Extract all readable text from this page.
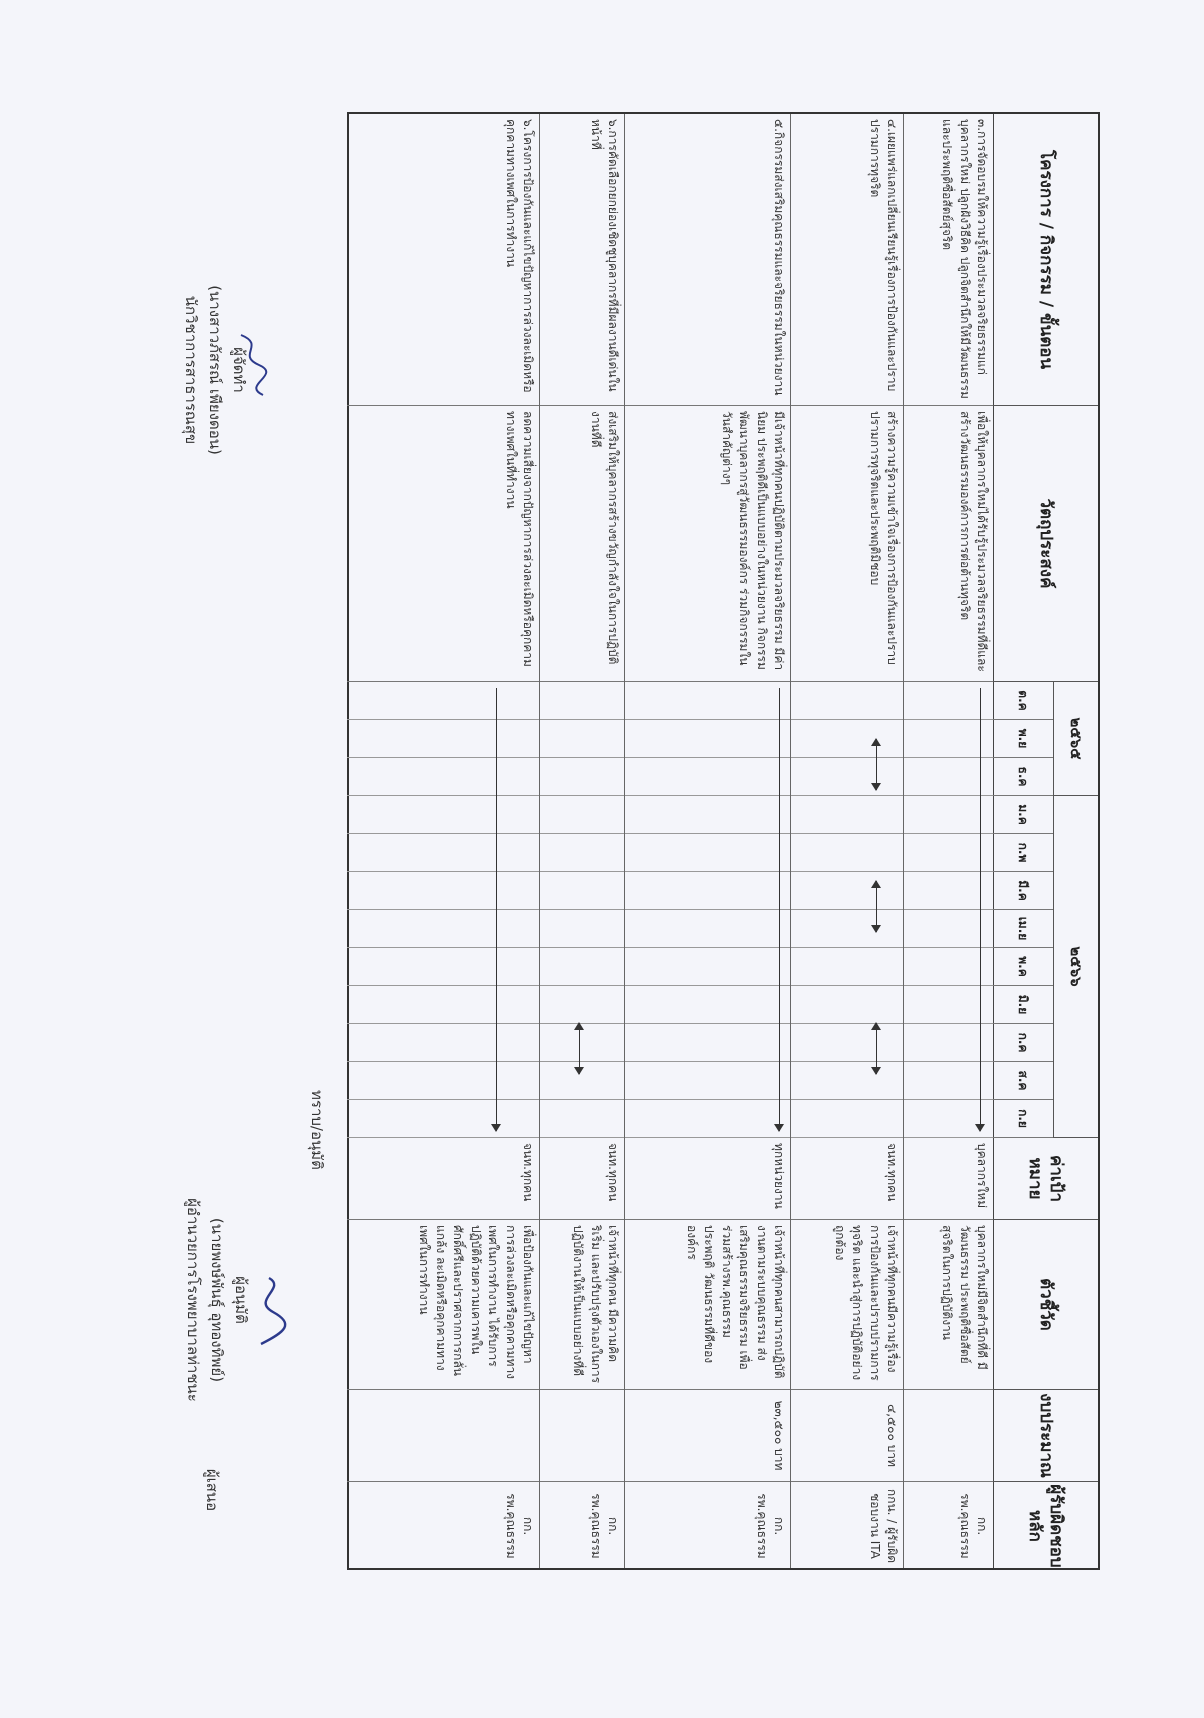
โครงการ / กิจกรรม / ขั้นตอน
วัตถุประสงค์
๒๕๖๕
๒๕๖๖
ต.ค
พ.ย
ธ.ค
ม.ค
ก.พ
มี.ค
เม.ย
พ.ค
มิ.ย
ก.ค
ส.ค
ก.ย
ค่าเป้าหมาย
ตัวชี้วัด
งบประมาณ
ผู้รับผิดชอบหลัก
๓.การจัดอบรมให้ความรู้เรื่องประมวลจริยธรรมแก่บุคลากรใหม่ ปลูกฝังวิธีคิด ปลูกจิตสำนึกให้มีวัฒนธรรมและประพฤติซื่อสัตย์สุจริต
เพื่อให้บุคลากรใหม่ได้รับรู้ประมวลจริยธรรมที่ดีและสร้างวัฒนธรรมองค์การการต่อต้านทุจริต
บุคลากรใหม่
บุคลากรใหม่มีจิตสำนึกที่ดี มีวัฒนธรรม ประพฤติซื่อสัตย์สุจริตในการปฏิบัติงาน
กก. รพ.คุณธรรม
๔.เผยแพร่แลกเปลี่ยนเรียนรู้เรื่องการป้องกันและปราบปรามการทุจริต
สร้างความรู้ความเข้าใจเรื่องการป้องกันและปราบปรามการทุจริตและประพฤติมิชอบ
จนท.ทุกคน
เจ้าหน้าที่ทุกคนมีความรู้เรื่องการป้องกันและปราบปรามการทุจริต และนำสู่การปฏิบัติอย่างถูกต้อง
๔,๕๐๐ บาท
กกน. / ผู้รับผิดชอบงาน ITA
๕.กิจกรรมส่งเสริมคุณธรรมและจริยธรรมในหน่วยงาน
มีเจ้าหน้าที่ทุกคนปฏิบัติตามประมวลจริยธรรม มีค่านิยม ประพฤติดีเป็นแบบอย่างในหน่วยงาน กิจกรรมพัฒนาบุคลากรสู่วัฒนธรรมองค์กร ร่วมกิจกรรมในวันสำคัญต่างๆ
ทุกหน่วยงาน
เจ้าหน้าที่ทุกคนสามารถปฏิบัติงานตามระบบคุณธรรม ส่งเสริมคุณธรรมจริยธรรม เพื่อร่วมสร้างรพ.คุณธรรม ประพฤติ วัฒนธรรมที่ดีขององค์กร
๒๓,๕๐๐ บาท
กก. รพ.คุณธรรม
๖.การคัดเลือกยกย่องเชิดชูบุคลากรที่มีผลงานดีเด่นในหน้าที่
ส่งเสริมให้บุคลากรสร้างขวัญกำลังใจในการปฏิบัติงานที่ดี
จนท.ทุกคน
เจ้าหน้าที่ทุกคน มีความคิด ริเริ่ม และปรับปรุงตัวเองในการปฏิบัติงานให้เป็นแบบอย่างที่ดี
กก. รพ.คุณธรรม
๖.โครงการป้องกันและแก้ไขปัญหาการล่วงละเมิดหรือคุกคามทางเพศในการทำงาน
ลดความเสี่ยงจากปัญหาการล่วงละเมิดหรือคุกคามทางเพศในที่ทำงาน
จนท.ทุกคน
เพื่อป้องกันและแก้ไขปัญหาการล่วงละเมิดหรือคุกคามทางเพศในการทำงาน ได้รับการปฏิบัติด้วยความเคารพในศักดิ์ศรีและปราศจากการกลั่นแกล้ง ละเมิดหรือคุกคามทางเพศในการทำงาน
กก. รพ.คุณธรรม
ผู้จัดทำ
(นางสาวภัสรณ์ เพียงดอน)
นักวิชาการสาธารณสุข
ทราบ/อนุมัติ
ผู้อนุมัติ
(นายพงษ์พันธุ์ อุทองทิพย์)
ผู้อำนวยการโรงพยาบาลท่าชนะ
ผู้เสนอ
